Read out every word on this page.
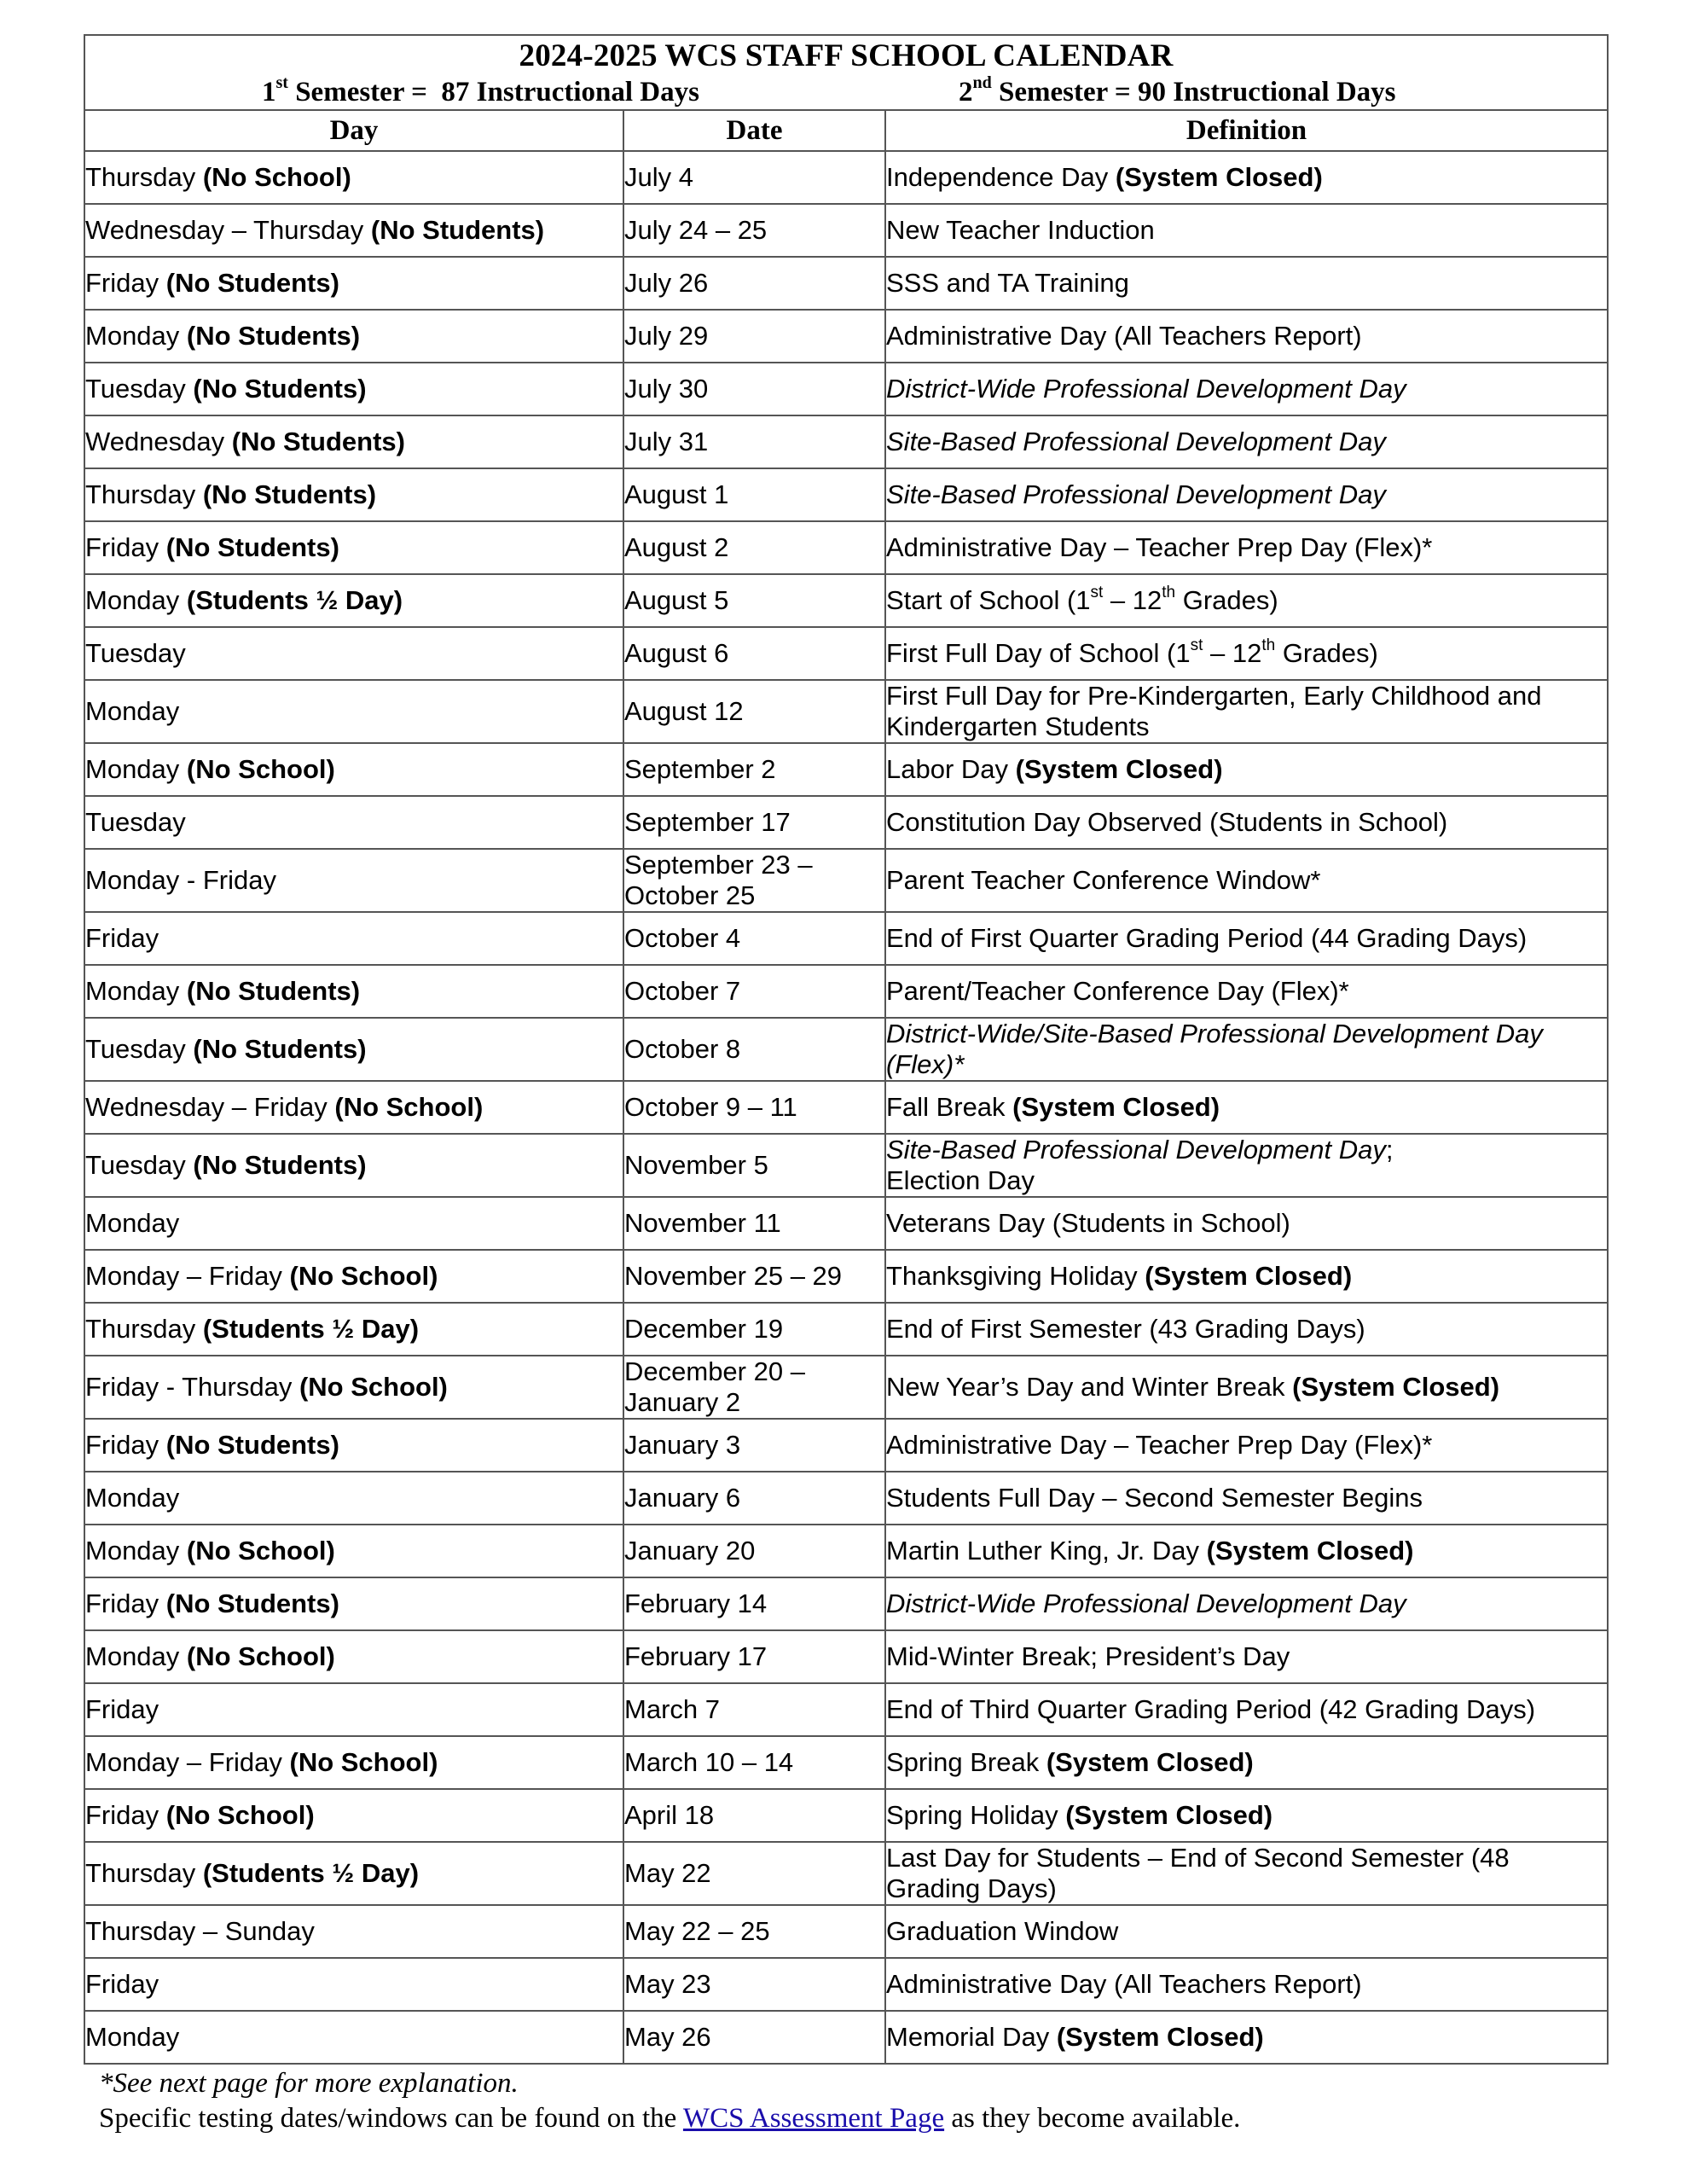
2024-2025 WCS STAFF SCHOOL CALENDAR
1st Semester =  87 Instructional Days 2nd Semester = 90 Instructional Days		

Day	Date	Definition
Thursday (No School)	July 4	Independence Day (System Closed)
Wednesday – Thursday (No Students)	July 24 – 25	New Teacher Induction
Friday (No Students)	July 26	SSS and TA Training
Monday (No Students)	July 29	Administrative Day (All Teachers Report)
Tuesday (No Students)	July 30	District-Wide Professional Development Day
Wednesday (No Students)	July 31	Site-Based Professional Development Day
Thursday (No Students)	August 1	Site-Based Professional Development Day
Friday (No Students)	August 2	Administrative Day – Teacher Prep Day (Flex)*
Monday (Students ½ Day)	August 5	Start of School (1st – 12th Grades)
Tuesday	August 6	First Full Day of School (1st – 12th Grades)
Monday	August 12	First Full Day for Pre-Kindergarten, Early Childhood and Kindergarten Students
Monday (No School)	September 2	Labor Day (System Closed)
Tuesday	September 17	Constitution Day Observed (Students in School)
Monday - Friday	September 23 – October 25	Parent Teacher Conference Window*
Friday	October 4	End of First Quarter Grading Period (44 Grading Days)
Monday (No Students)	October 7	Parent/Teacher Conference Day (Flex)*
Tuesday (No Students)	October 8	District-Wide/Site-Based Professional Development Day (Flex)*
Wednesday – Friday (No School)	October 9 – 11	Fall Break (System Closed)
Tuesday (No Students)	November 5	Site-Based Professional Development Day;
Election Day
Monday	November 11	Veterans Day (Students in School)
Monday – Friday (No School)	November 25 – 29	Thanksgiving Holiday (System Closed)
Thursday (Students ½ Day)	December 19	End of First Semester (43 Grading Days)
Friday - Thursday (No School)	December 20 – January 2	New Year’s Day and Winter Break (System Closed)
Friday (No Students)	January 3	Administrative Day – Teacher Prep Day (Flex)*
Monday	January 6	Students Full Day – Second Semester Begins
Monday (No School)	January 20	Martin Luther King, Jr. Day (System Closed)
Friday (No Students)	February 14	District-Wide Professional Development Day
Monday (No School)	February 17	Mid-Winter Break; President’s Day
Friday	March 7	End of Third Quarter Grading Period (42 Grading Days)
Monday – Friday (No School)	March 10 – 14	Spring Break (System Closed)
Friday (No School)	April 18	Spring Holiday (System Closed)
Thursday (Students ½ Day)	May 22	Last Day for Students – End of Second Semester (48 Grading Days)
Thursday – Sunday	May 22 – 25	Graduation Window
Friday	May 23	Administrative Day (All Teachers Report)
Monday	May 26	Memorial Day (System Closed)
*See next page for more explanation.
Specific testing dates/windows can be found on the WCS Assessment Page as they become available.
